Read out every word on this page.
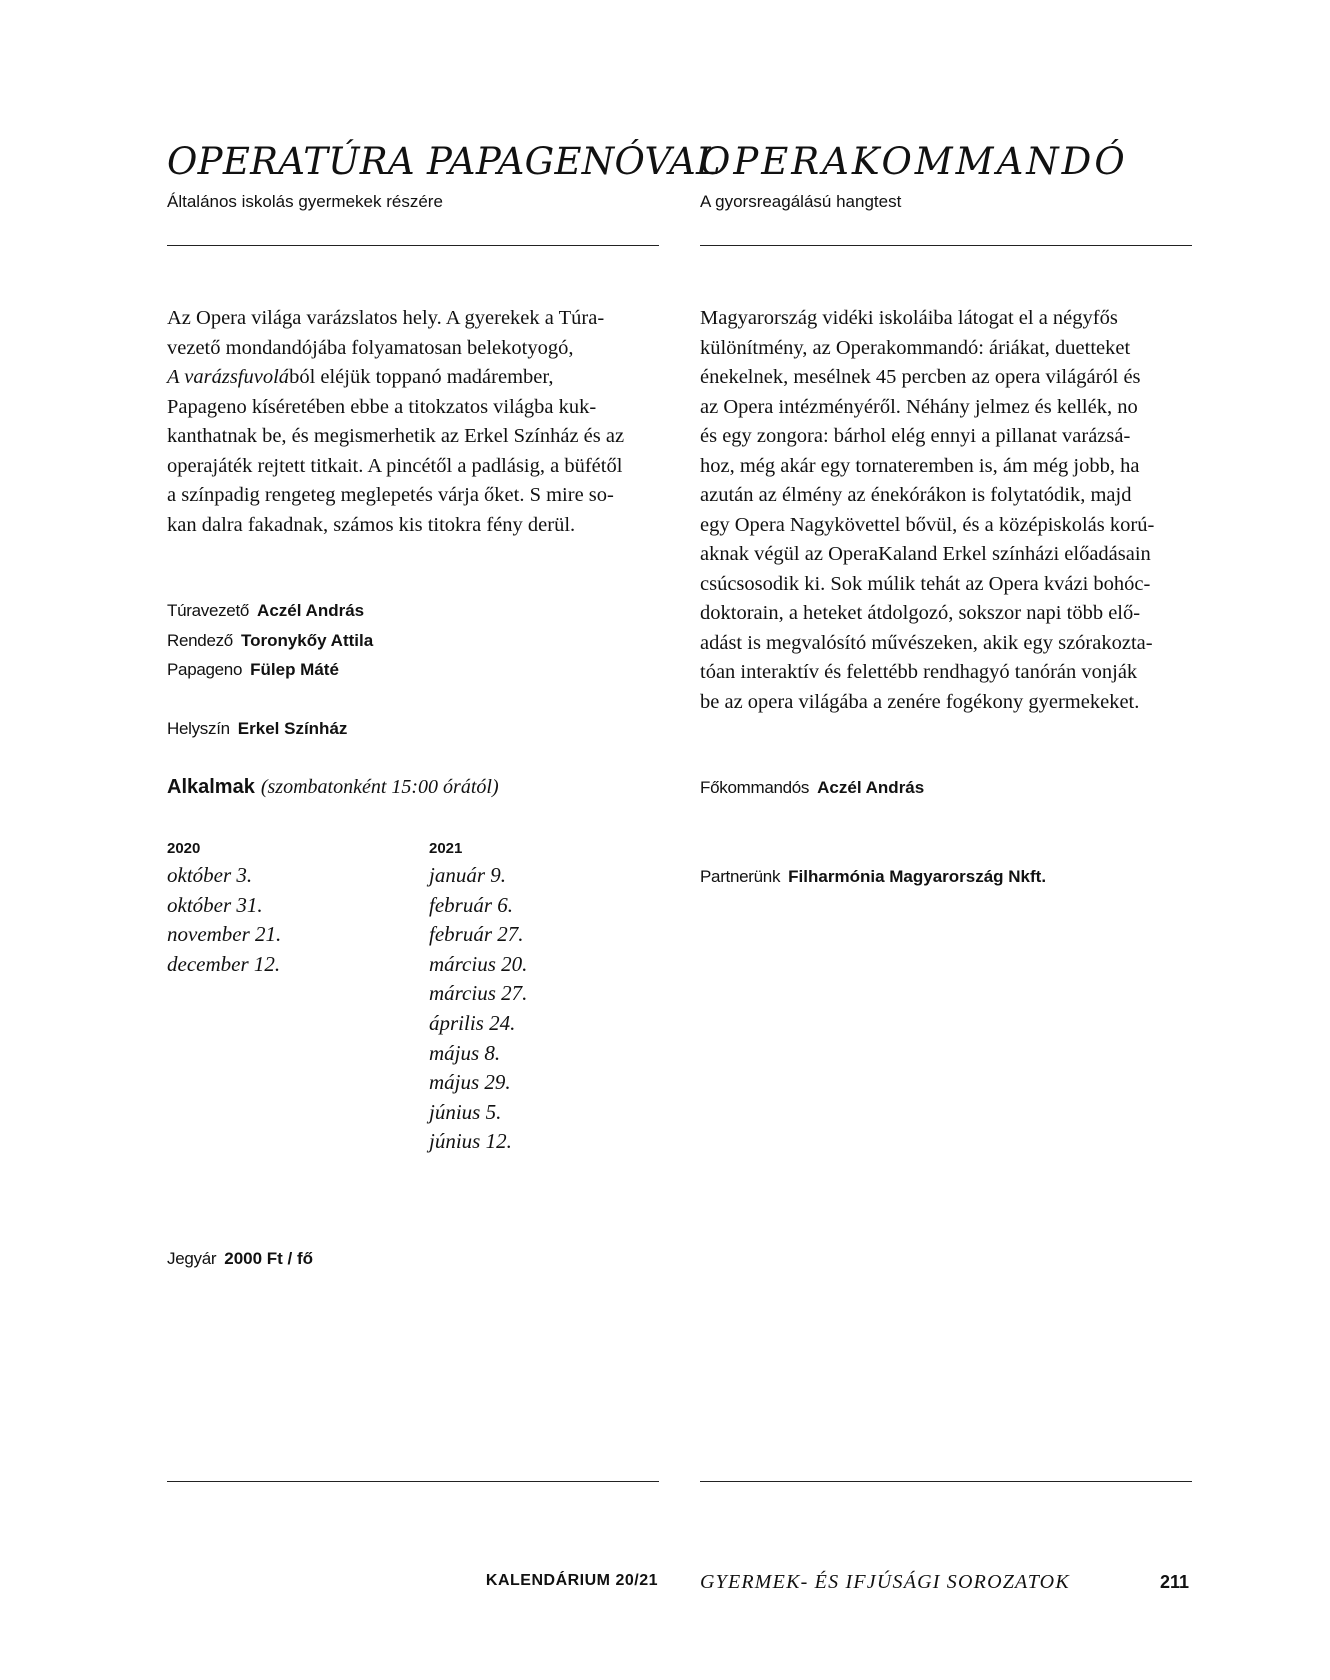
OPERATÚRA PAPAGENÓVAL
Általános iskolás gyermekek részére

Az Opera világa varázslatos hely. A gyerekek a Túra-

vezető mondandójába folyamatosan belekotyogó,

A varázsfuvolából eléjük toppanó madárember,

Papageno kíséretében ebbe a titokzatos világba kuk-

kanthatnak be, és megismerhetik az Erkel Színház és az

operajáték rejtett titkait. A pincétől a padlásig, a büfétől

a színpadig rengeteg meglepetés várja őket. S mire so-

kan dalra fakadnak, számos kis titokra fény derül.

Túravezető Aczél András
Rendező Toronykőy Attila
Papageno Fülep Máté
Helyszín Erkel Színház
Alkalmak (szombatonként 15:00 órától)
2020
október 3.
október 31.
november 21.
december 12.
2021
január 9.
február 6.
február 27.
március 20.
március 27.
április 24.
május 8.
május 29.
június 5.
június 12.
Jegyár 2000 Ft / fő
OPERAKOMMANDÓ
A gyorsreagálású hangtest

Magyarország vidéki iskoláiba látogat el a négyfős

különítmény, az Operakommandó: áriákat, duetteket

énekelnek, mesélnek 45 percben az opera világáról és

az Opera intézményéről. Néhány jelmez és kellék, no

és egy zongora: bárhol elég ennyi a pillanat varázsá-

hoz, még akár egy tornateremben is, ám még jobb, ha

azután az élmény az énekórákon is folytatódik, majd

egy Opera Nagykövettel bővül, és a középiskolás korú-

aknak végül az OperaKaland Erkel színházi előadásain

csúcsosodik ki. Sok múlik tehát az Opera kvázi bohóc-

doktorain, a heteket átdolgozó, sokszor napi több elő-

adást is megvalósító művészeken, akik egy szórakozta-

tóan interaktív és felettébb rendhagyó tanórán vonják

be az opera világába a zenére fogékony gyermekeket.

Főkommandós Aczél András
Partnerünk Filharmónia Magyarország Nkft.
KALENDÁRIUM 20/21 GYERMEK- ÉS IFJÚSÁGI SOROZATOK	211
